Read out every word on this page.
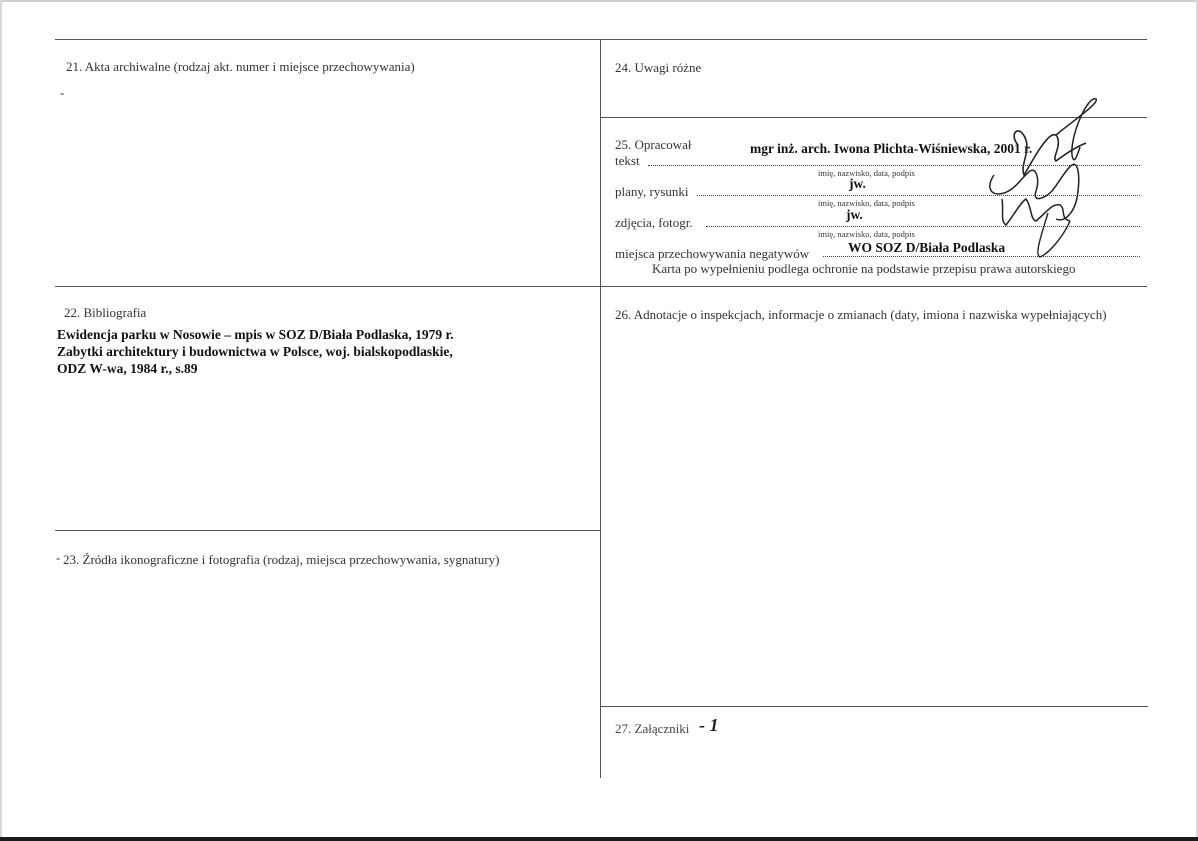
21. Akta archiwalne (rodzaj akt. numer i miejsce przechowywania)
-
24. Uwagi różne
25. Opracował	mgr inż. arch. Iwona Plichta-Wiśniewska, 2001 r.
tekst
imię, nazwisko, data, podpis
jw.
plany, rysunki
imię, nazwisko, data, podpis
jw.
zdjęcia, fotogr.
imię, nazwisko, data, podpis
WO SOZ D/Biała Podlaska
miejsca przechowywania negatywów
Karta po wypełnieniu podlega ochronie na podstawie przepisu prawa autorskiego
22. Bibliografia
Ewidencja parku w Nosowie – mpis w SOZ D/Biała Podlaska, 1979 r.
Zabytki architektury i budownictwa w Polsce, woj. bialskopodlaskie,
ODZ W-wa, 1984 r., s.89
26. Adnotacje o inspekcjach, informacje o zmianach (daty, imiona i nazwiska wypełniających)
- 23. Źródła ikonograficzne i fotografia (rodzaj, miejsca przechowywania, sygnatury)
27. Załączniki - 1
